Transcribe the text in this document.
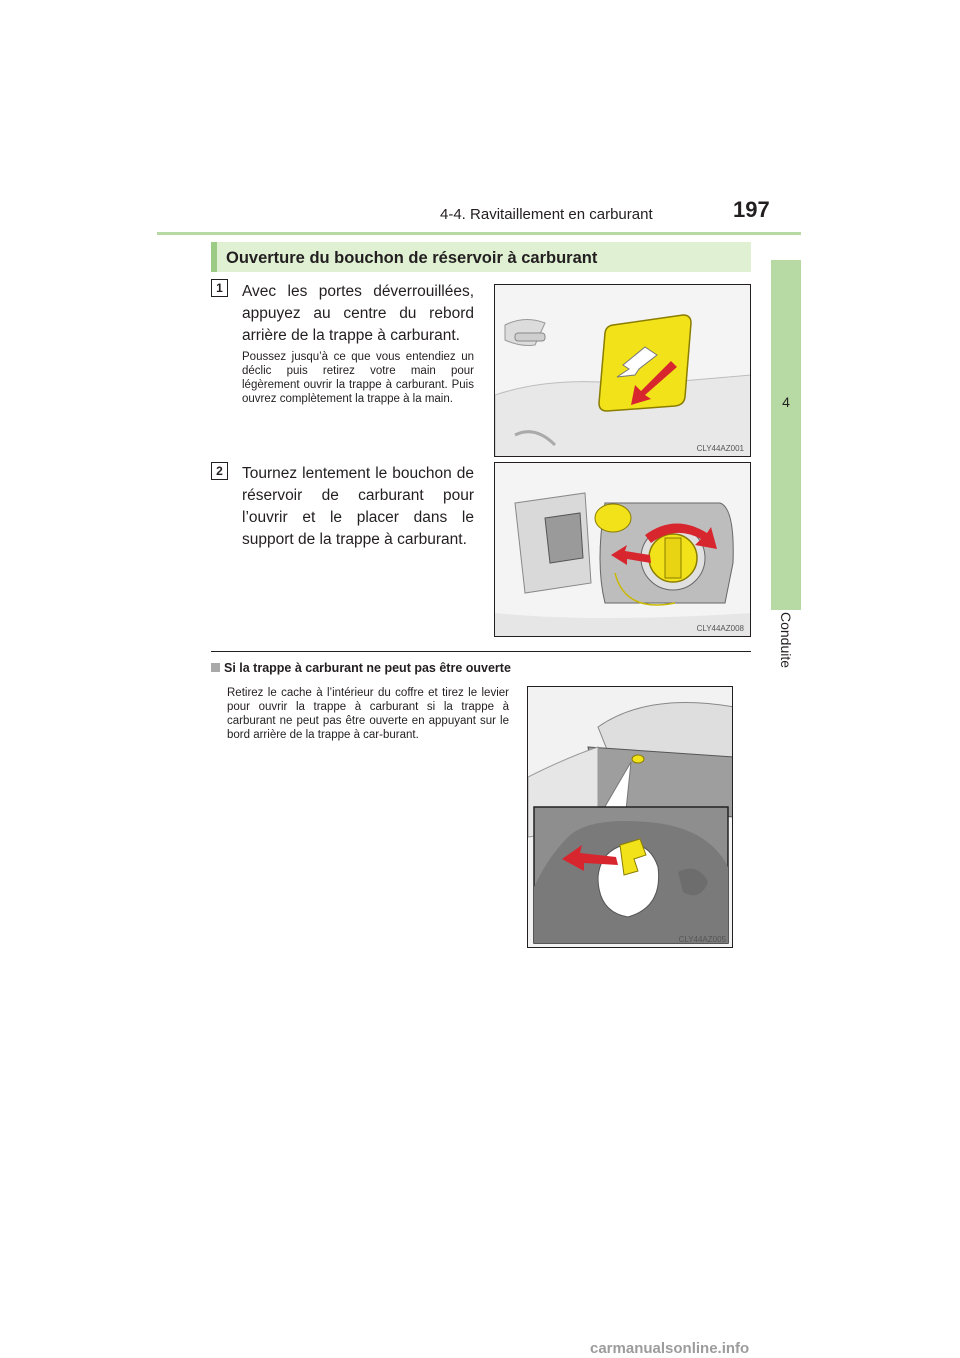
4-4. Ravitaillement en carburant	197
4
Conduite
Ouverture du bouchon de réservoir à carburant
1	Avec les portes déverrouillées, appuyez au centre du rebord arrière de la trappe à carburant.
Poussez jusqu’à ce que vous entendiez un déclic puis retirez votre main pour légèrement ouvrir la trappe à carburant. Puis ouvrez complètement la trappe à la main.
CLY44AZ001
2	Tournez lentement le bouchon de réservoir de carburant pour l’ouvrir et le placer dans le support de la trappe à carburant.
CLY44AZ008
Si la trappe à carburant ne peut pas être ouverte
Retirez le cache à l’intérieur du coffre et tirez le levier pour ouvrir la trappe à carburant si la trappe à carburant ne peut pas être ouverte en appuyant sur le bord arrière de la trappe à car-burant.
CLY44AZ005
carmanualsonline.info
